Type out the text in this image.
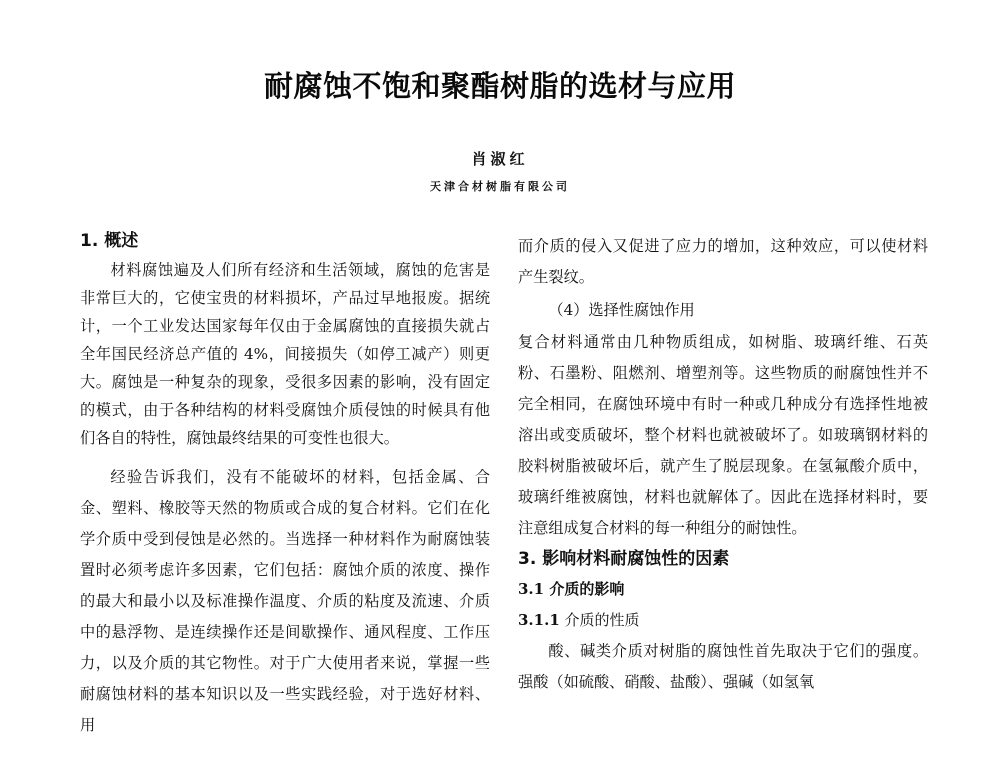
耐腐蚀不饱和聚酯树脂的选材与应用
肖淑红
天津合材树脂有限公司

1. 概述

材料腐蚀遍及人们所有经济和生活领域，腐蚀的危害是非常巨大的，它使宝贵的材料损坏，产品过早地报废。据统计，一个工业发达国家每年仅由于金属腐蚀的直接损失就占全年国民经济总产值的 4%，间接损失（如停工减产）则更大。腐蚀是一种复杂的现象，受很多因素的影响，没有固定的模式，由于各种结构的材料受腐蚀介质侵蚀的时候具有他们各自的特性，腐蚀最终结果的可变性也很大。

经验告诉我们，没有不能破坏的材料，包括金属、合金、塑料、橡胶等天然的物质或合成的复合材料。它们在化学介质中受到侵蚀是必然的。当选择一种材料作为耐腐蚀装置时必须考虑许多因素，它们包括：腐蚀介质的浓度、操作的最大和最小以及标准操作温度、介质的粘度及流速、介质中的悬浮物、是连续操作还是间歇操作、通风程度、工作压力，以及介质的其它物性。对于广大使用者来说，掌握一些耐腐蚀材料的基本知识以及一些实践经验，对于选好材料、用

而介质的侵入又促进了应力的增加，这种效应，可以使材料产生裂纹。

（4）选择性腐蚀作用

复合材料通常由几种物质组成，如树脂、玻璃纤维、石英粉、石墨粉、阻燃剂、增塑剂等。这些物质的耐腐蚀性并不完全相同，在腐蚀环境中有时一种或几种成分有选择性地被溶出或变质破坏，整个材料也就被破坏了。如玻璃钢材料的胶料树脂被破坏后，就产生了脱层现象。在氢氟酸介质中，玻璃纤维被腐蚀，材料也就解体了。因此在选择材料时，要注意组成复合材料的每一种组分的耐蚀性。

3. 影响材料耐腐蚀性的因素

3.1 介质的影响

3.1.1 介质的性质

酸、碱类介质对树脂的腐蚀性首先取决于它们的强度。强酸（如硫酸、硝酸、盐酸）、强碱（如氢氧
